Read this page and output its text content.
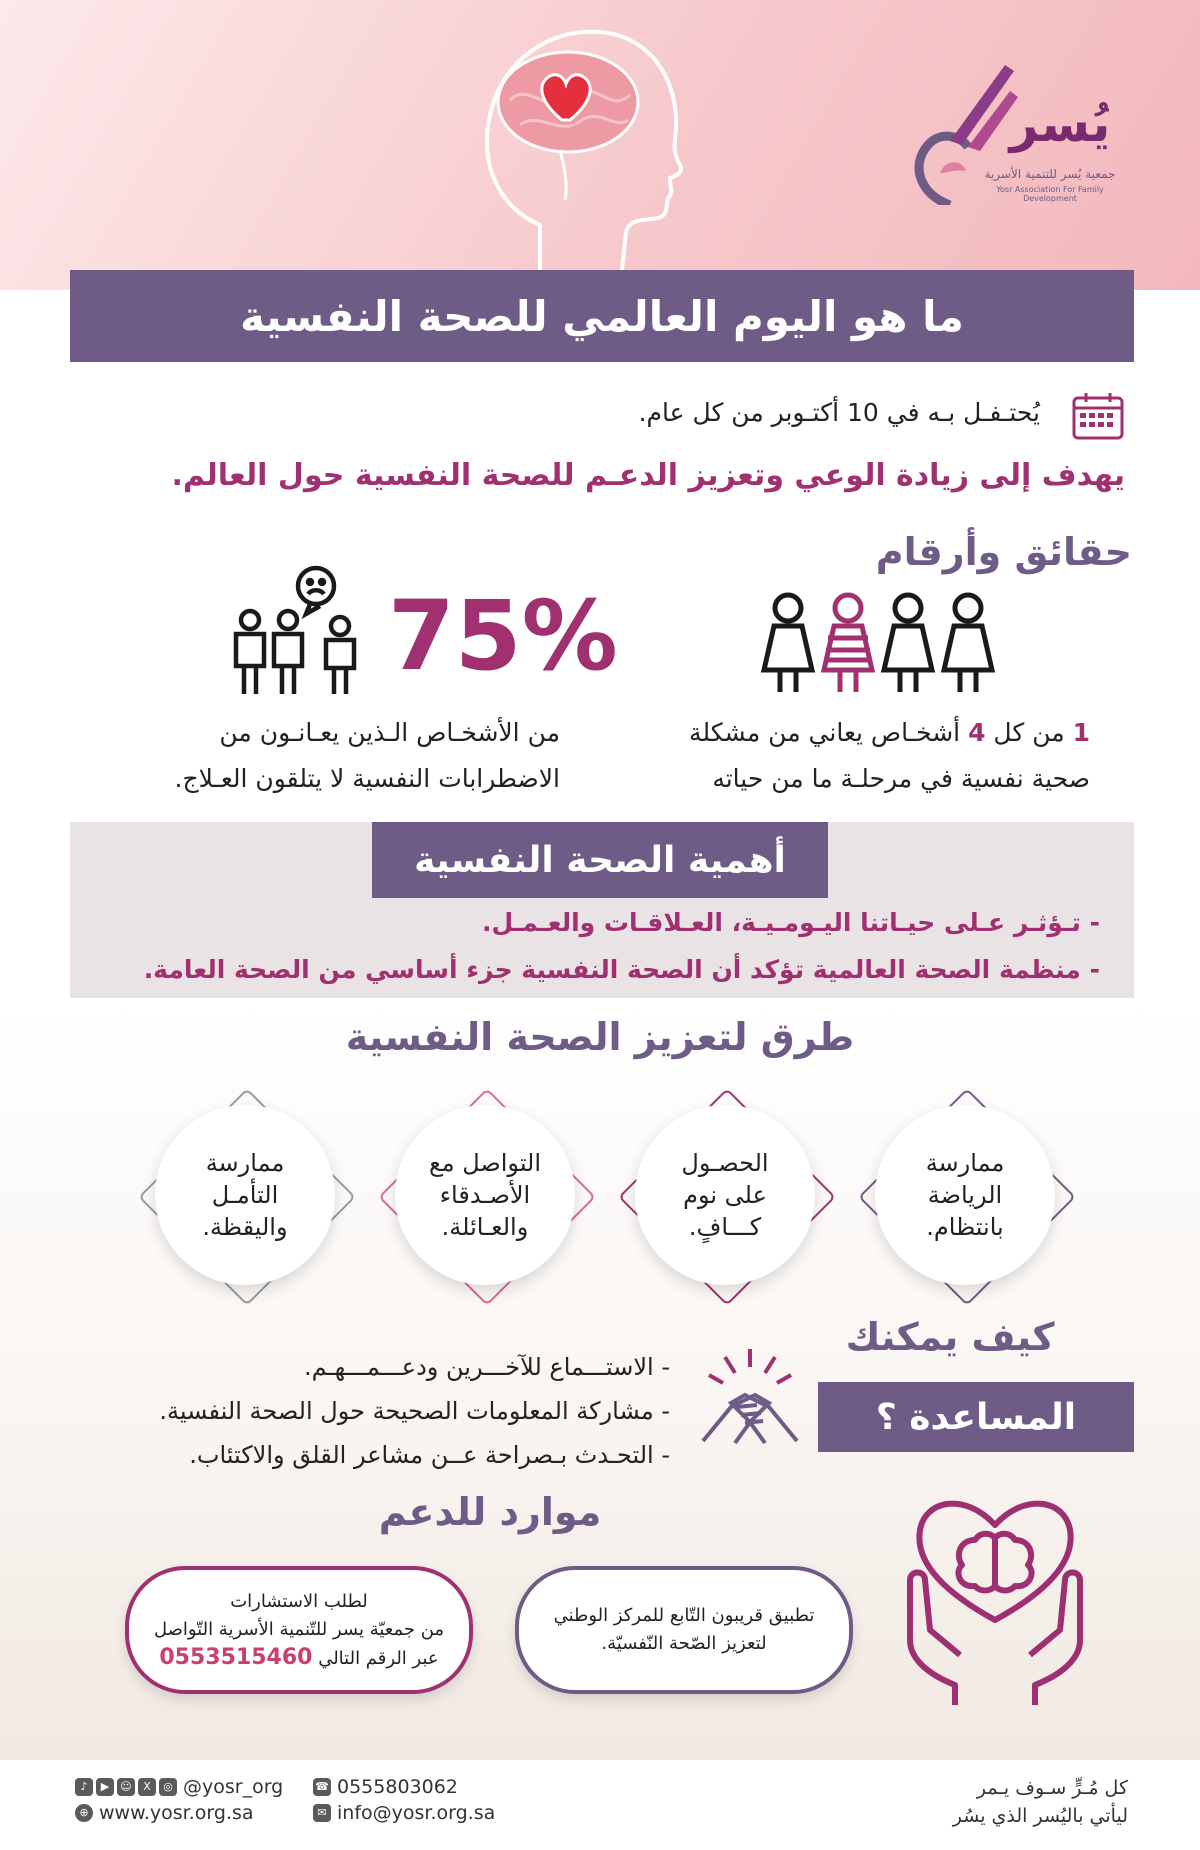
يُسر
جمعية يُسر للتنمية الأسرية
Yosr Association For Family Development
ما هو اليوم العالمي للصحة النفسية
يُحتـفـل بـه في 10 أكتـوبر من كل عام.
يهدف إلى زيادة الوعي وتعزيز الدعـم للصحة النفسية حول العالم.
حقائق وأرقام
1 من كل 4 أشخـاص يعاني من مشكلة
صحية نفسية في مرحلـة ما من حياته
75%
من الأشخـاص الـذين يعـانـون من
الاضطرابات النفسية لا يتلقون العـلاج.
أهمية الصحة النفسية
- تـؤثـر عـلى حيـاتنا اليـومـيـة، العـلاقـات والعـمـل.
- منظمة الصحة العالمية تؤكد أن الصحة النفسية جزء أساسي من الصحة العامة.
طرق لتعزيز الصحة النفسية
ممارسة
الرياضة
بانتظام.
الحصـول
على نوم
كـــافٍ.
التواصل مع
الأصـدقاء
والعـائلة.
ممارسة
التأمـل
واليقظة.
كيف يمكنك
المساعدة ؟
- الاستـــماع للآخـــرين ودعـــمـــهـم.
- مشاركة المعلومات الصحيحة حول الصحة النفسية.
- التحـدث بـصراحة عــن مشاعر القلق والاكتئاب.
موارد للدعم
تطبيق قريبون التّابع للمركز الوطني
لتعزيز الصّحة النّفسيّة.
لطلب الاستشارات
من جمعيّة يسر للتّنمية الأسرية التّواصل
عبر الرقم التالي 0553515460
♪	▶	☺	X	◎ @yosr_org
⊕ www.yosr.org.sa
☎ 0555803062
✉ info@yosr.org.sa
كل مُـرٍّ سـوف يـمر
ليأتي باليُسر الذي يسُر
